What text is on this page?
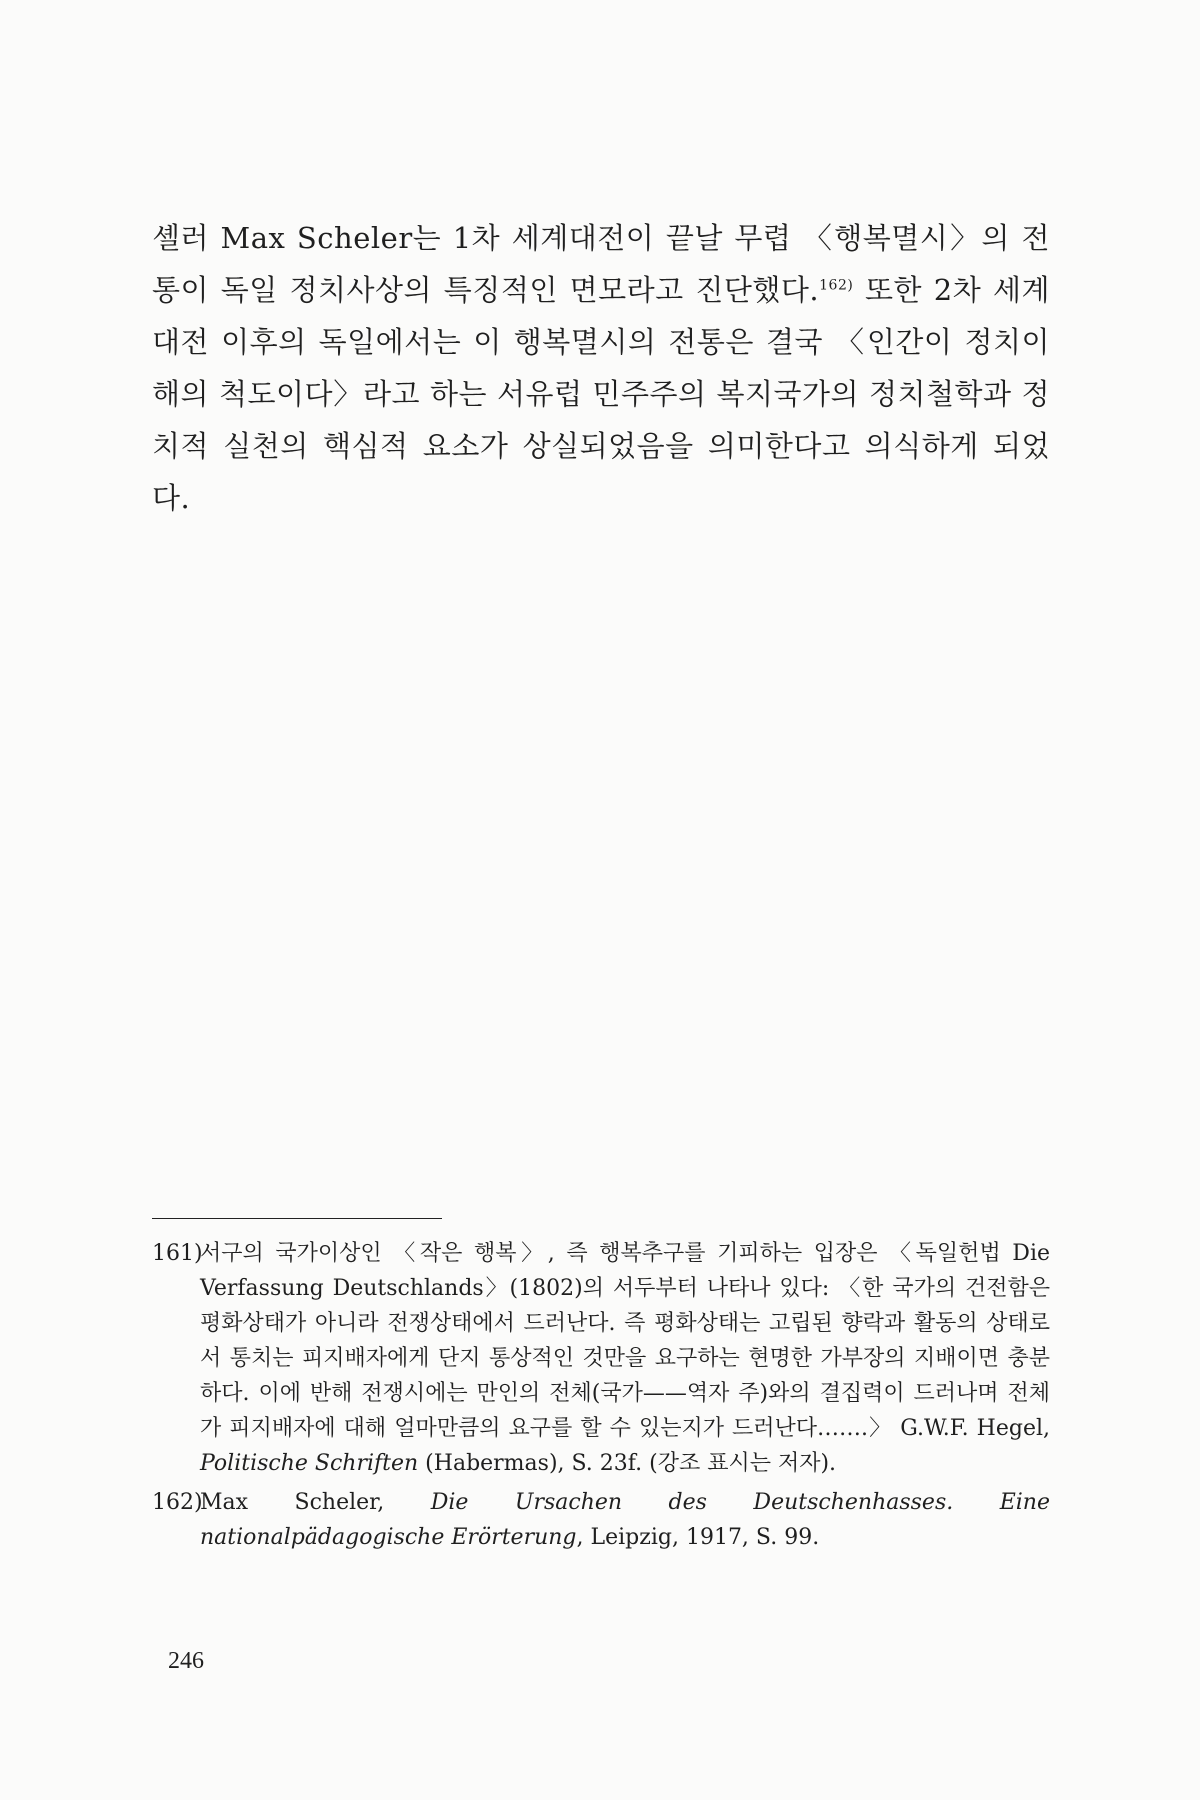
셸러 Max Scheler는 1차 세계대전이 끝날 무렵 〈행복멸시〉의 전통이 독일 정치사상의 특징적인 면모라고 진단했다.$^{162)}$ 또한 2차 세계대전 이후의 독일에서는 이 행복멸시의 전통은 결국 〈인간이 정치이해의 척도이다〉라고 하는 서유럽 민주주의 복지국가의 정치철학과 정치적 실천의 핵심적 요소가 상실되었음을 의미한다고 의식하게 되었다.
161)
서구의 국가이상인 〈작은 행복〉, 즉 행복추구를 기피하는 입장은 〈독일헌법 Die Verfassung Deutschlands〉(1802)의 서두부터 나타나 있다: 〈한 국가의 건전함은 평화상태가 아니라 전쟁상태에서 드러난다. 즉 평화상태는 고립된 향락과 활동의 상태로서 통치는 피지배자에게 단지 통상적인 것만을 요구하는 현명한 가부장의 지배이면 충분하다. 이에 반해 전쟁시에는 만인의 전체(국가——역자 주)와의 결집력이 드러나며 전체가 피지배자에 대해 얼마만큼의 요구를 할 수 있는지가 드러난다…….〉 G.W.F. Hegel, Politische Schriften (Habermas), S. 23f. (강조 표시는 저자).
162)
Max Scheler, Die Ursachen des Deutschenhasses. Eine nationalpädagogische Erörterung, Leipzig, 1917, S. 99.
246
